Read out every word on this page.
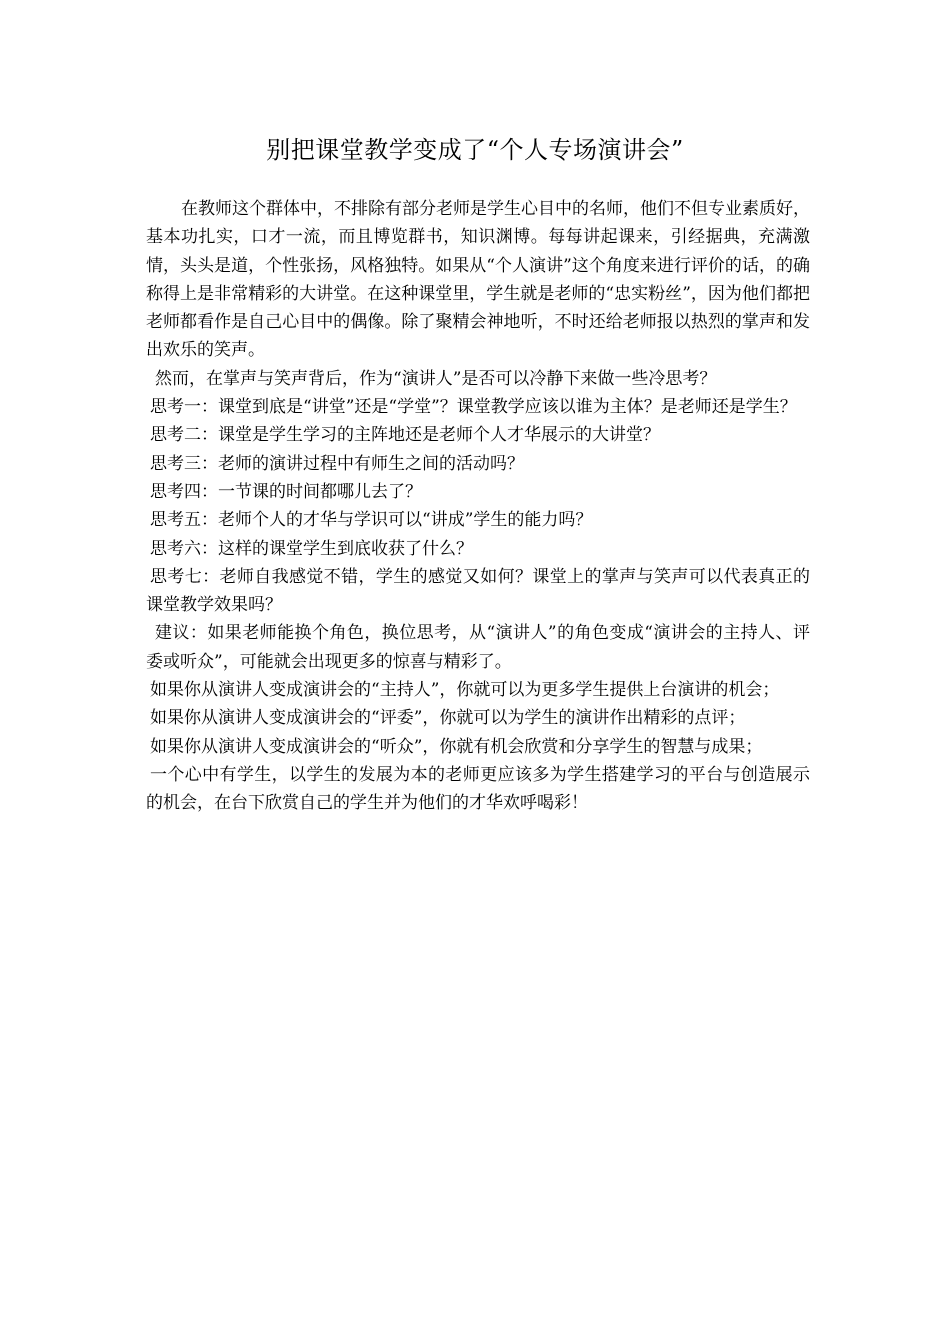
别把课堂教学变成了“个人专场演讲会”

在教师这个群体中，不排除有部分老师是学生心目中的名师，他们不但专业素质好，基本功扎实，口才一流，而且博览群书，知识渊博。每每讲起课来，引经据典，充满激情，头头是道，个性张扬，风格独特。如果从“个人演讲”这个角度来进行评价的话，的确称得上是非常精彩的大讲堂。在这种课堂里，学生就是老师的“忠实粉丝”，因为他们都把老师都看作是自己心目中的偶像。除了聚精会神地听，不时还给老师报以热烈的掌声和发出欢乐的笑声。

然而，在掌声与笑声背后，作为“演讲人”是否可以冷静下来做一些冷思考？

思考一：课堂到底是“讲堂”还是“学堂”？课堂教学应该以谁为主体？是老师还是学生？

思考二：课堂是学生学习的主阵地还是老师个人才华展示的大讲堂？

思考三：老师的演讲过程中有师生之间的活动吗？

思考四：一节课的时间都哪儿去了？

思考五：老师个人的才华与学识可以“讲成”学生的能力吗？

思考六：这样的课堂学生到底收获了什么？

思考七：老师自我感觉不错，学生的感觉又如何？课堂上的掌声与笑声可以代表真正的课堂教学效果吗？

建议：如果老师能换个角色，换位思考，从“演讲人”的角色变成“演讲会的主持人、评委或听众”，可能就会出现更多的惊喜与精彩了。

如果你从演讲人变成演讲会的“主持人”，你就可以为更多学生提供上台演讲的机会；

如果你从演讲人变成演讲会的“评委”，你就可以为学生的演讲作出精彩的点评；

如果你从演讲人变成演讲会的“听众”，你就有机会欣赏和分享学生的智慧与成果；

一个心中有学生，以学生的发展为本的老师更应该多为学生搭建学习的平台与创造展示的机会，在台下欣赏自己的学生并为他们的才华欢呼喝彩！
